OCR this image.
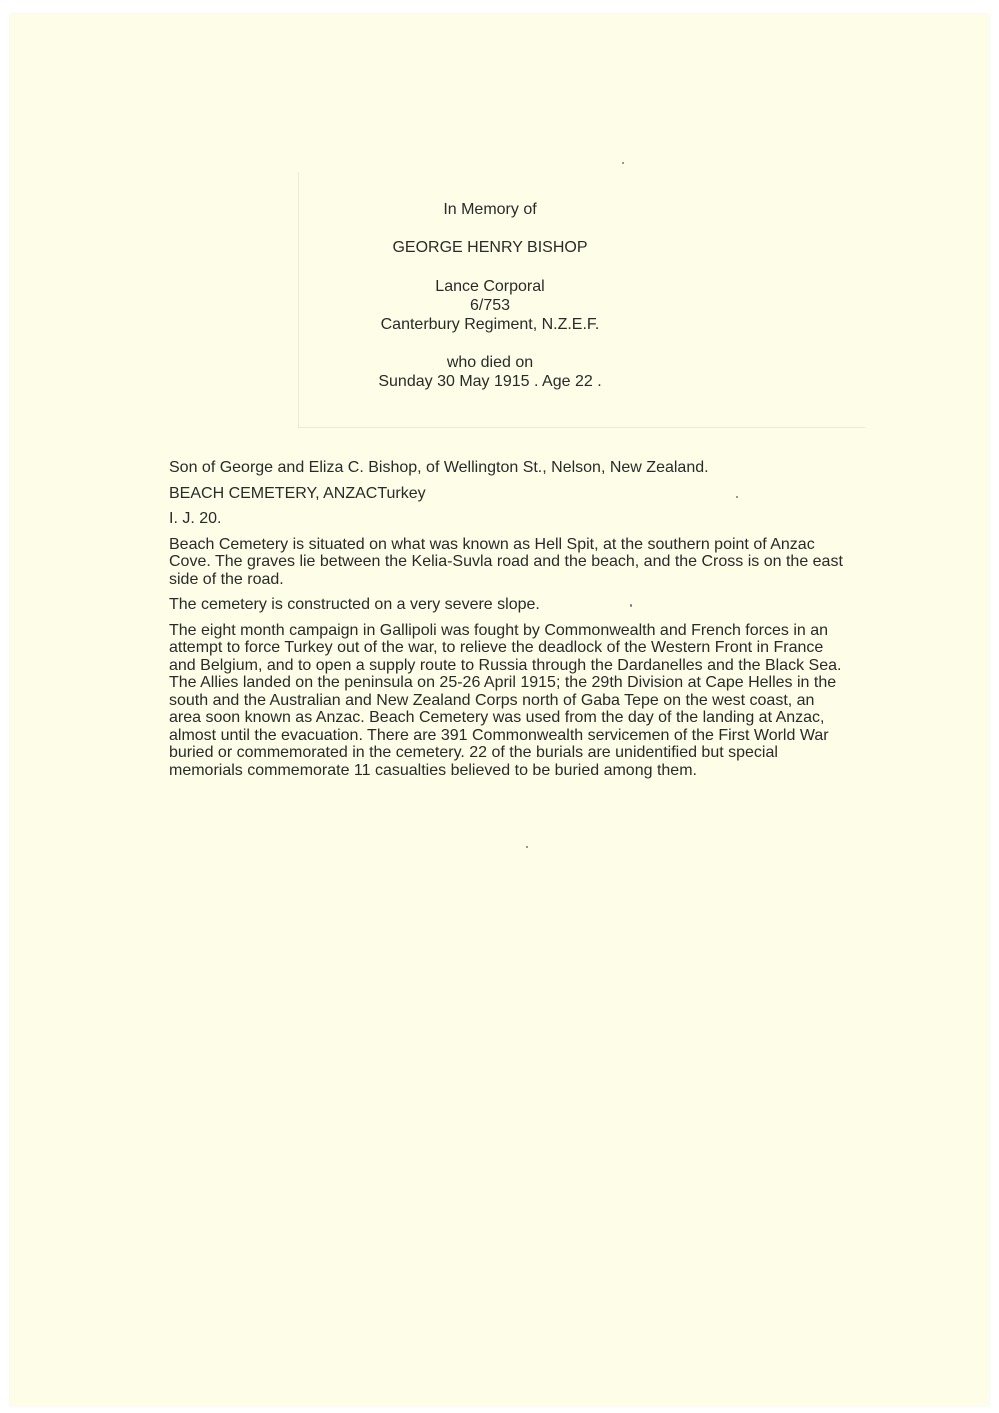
In Memory of
GEORGE HENRY BISHOP
Lance Corporal
6/753
Canterbury Regiment, N.Z.E.F.
who died on
Sunday 30 May 1915 . Age 22 .

Son of George and Eliza C. Bishop, of Wellington St., Nelson, New Zealand.

BEACH CEMETERY, ANZACTurkey

I. J. 20.

Beach Cemetery is situated on what was known as Hell Spit, at the southern point of Anzac Cove. The graves lie between the Kelia-Suvla road and the beach, and the Cross is on the east side of the road.

The cemetery is constructed on a very severe slope.

The eight month campaign in Gallipoli was fought by Commonwealth and French forces in an attempt to force Turkey out of the war, to relieve the deadlock of the Western Front in France and Belgium, and to open a supply route to Russia through the Dardanelles and the Black Sea. The Allies landed on the peninsula on 25-26 April 1915; the 29th Division at Cape Helles in the south and the Australian and New Zealand Corps north of Gaba Tepe on the west coast, an area soon known as Anzac. Beach Cemetery was used from the day of the landing at Anzac, almost until the evacuation. There are 391 Commonwealth servicemen of the First World War buried or commemorated in the cemetery. 22 of the burials are unidentified but special memorials commemorate 11 casualties believed to be buried among them.
